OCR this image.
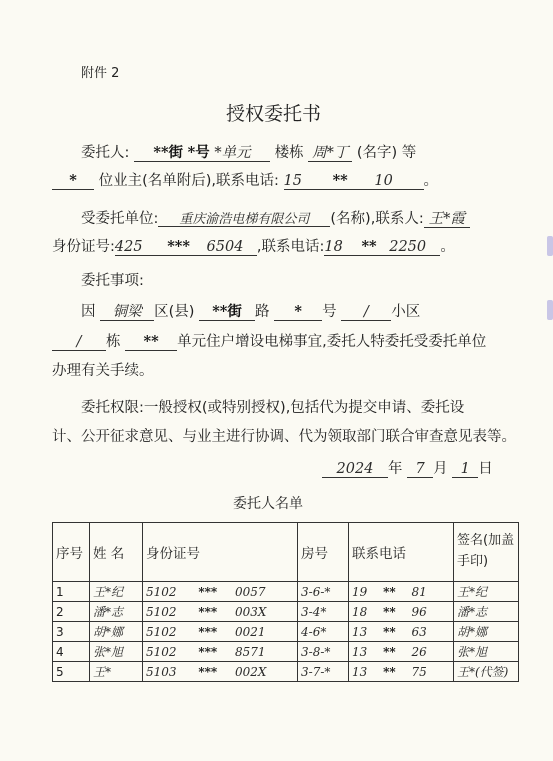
附件 2
授权委托书
委托人: **街 *号 *单元 楼栋 周*丁 (名字) 等
* 位业主(名单附后),联系电话: 15 ** 10 。
受委托单位: 重庆渝浩电梯有限公司 (名称),联系人: 王*霞
身份证号:425 *** 6504 ,联系电话:18 ** 2250 。
委托事项:
因 铜梁 区(县) **街 路 * 号 / 小区
/ 栋 ** 单元住户增设电梯事宜,委托人特委托受委托单位
办理有关手续。
委托权限:一般授权(或特别授权),包括代为提交申请、委托设
计、公开征求意见、与业主进行协调、代为领取部门联合审查意见表等。
2024 年 7 月 1 日
委托人名单
序号	姓 名	身份证号	房号	联系电话	签名(加盖手印)
1	王*纪	5102 *** 0057	3-6-*	19 ** 81	王*纪
2	潘*志	5102 *** 003X	3-4*	18 ** 96	潘*志
3	胡*娜	5102 *** 0021	4-6*	13 ** 63	胡*娜
4	张*旭	5102 *** 8571	3-8-*	13 ** 26	张*旭
5	王*	5103 *** 002X	3-7-*	13 ** 75	王*(代签)
